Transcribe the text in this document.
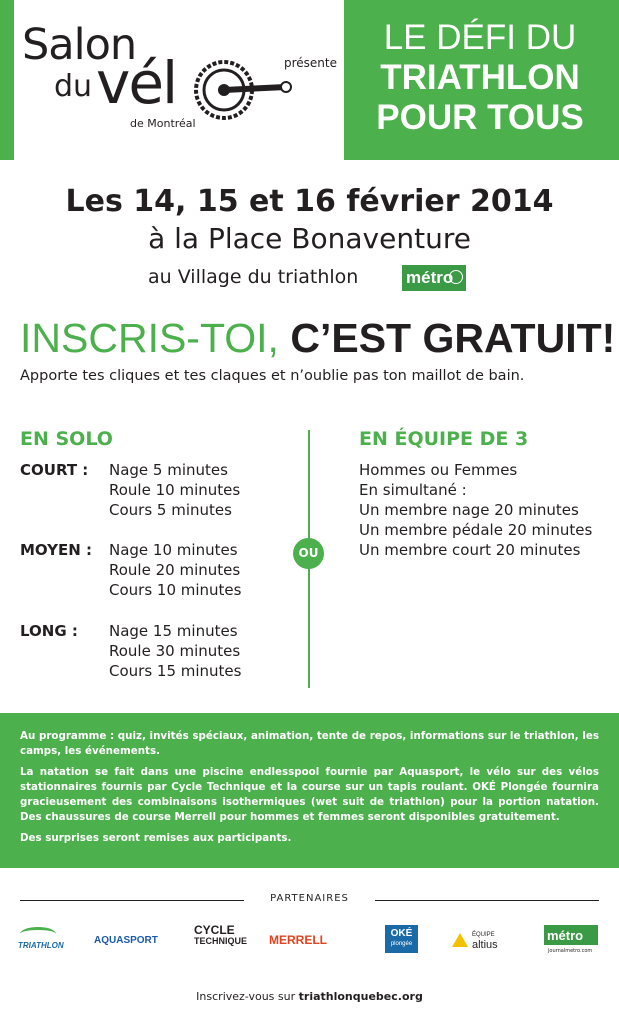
Salon
du vél	présente
de Montréal
LE DÉFI DU
TRIATHLON
POUR TOUS
Les 14, 15 et 16 février 2014
à la Place Bonaventure
au Village du triathlon	métro
INSCRIS-TOI, C’EST GRATUIT!
Apporte tes cliques et tes claques et n’oublie pas ton maillot de bain.
EN SOLO
COURT : Nage 5 minutes
Roule 10 minutes
Cours 5 minutes
MOYEN : Nage 10 minutes
Roule 20 minutes
Cours 10 minutes
LONG : Nage 15 minutes
Roule 30 minutes
Cours 15 minutes
OU
EN ÉQUIPE DE 3
Hommes ou Femmes
En simultané :
Un membre nage 20 minutes
Un membre pédale 20 minutes
Un membre court 20 minutes

Au programme : quiz, invités spéciaux, animation, tente de repos, informations sur le triathlon, les camps, les événements.

La natation se fait dans une piscine endlesspool fournie par Aquasport, le vélo sur des vélos stationnaires fournis par Cycle Technique et la course sur un tapis roulant. OKÉ Plongée fournira gracieusement des combinaisons isothermiques (wet suit de triathlon) pour la portion natation. Des chaussures de course Merrell pour hommes et femmes seront disponibles gratuitement.

Des surprises seront remises aux participants.

PARTENAIRES
TRIATHLON	AQUASPORT
CYCLE
TECHNIQUE MERRELL	OKÉ
plongée
ÉQUIPE
altius
métro
journalmetro.com
Inscrivez-vous sur triathlonquebec.org
